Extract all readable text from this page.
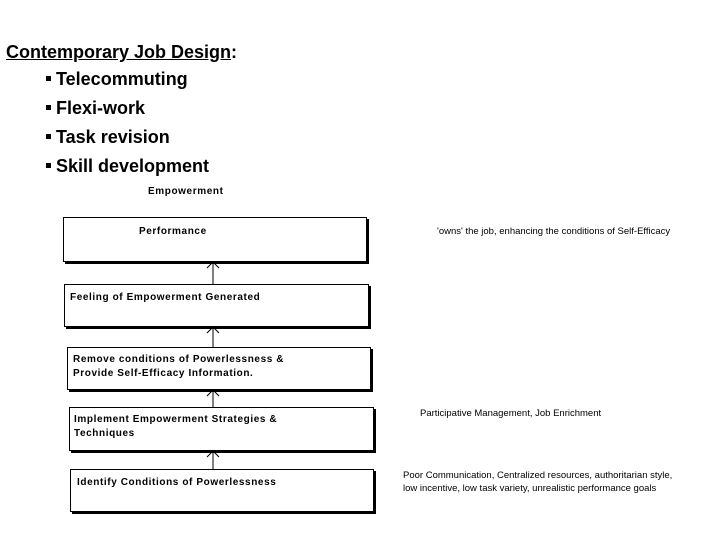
Contemporary Job Design:
Telecommuting
Flexi-work
Task revision
Skill development
Empowerment
Performance
Feeling of Empowerment Generated
Remove conditions of Powerlessness &
Provide Self-Efficacy Information.
Implement Empowerment Strategies &
Techniques
Identify Conditions of Powerlessness
'owns' the job, enhancing the conditions of Self-Efficacy
Participative Management, Job Enrichment
Poor Communication, Centralized resources, authoritarian style,
low incentive, low task variety, unrealistic performance goals
